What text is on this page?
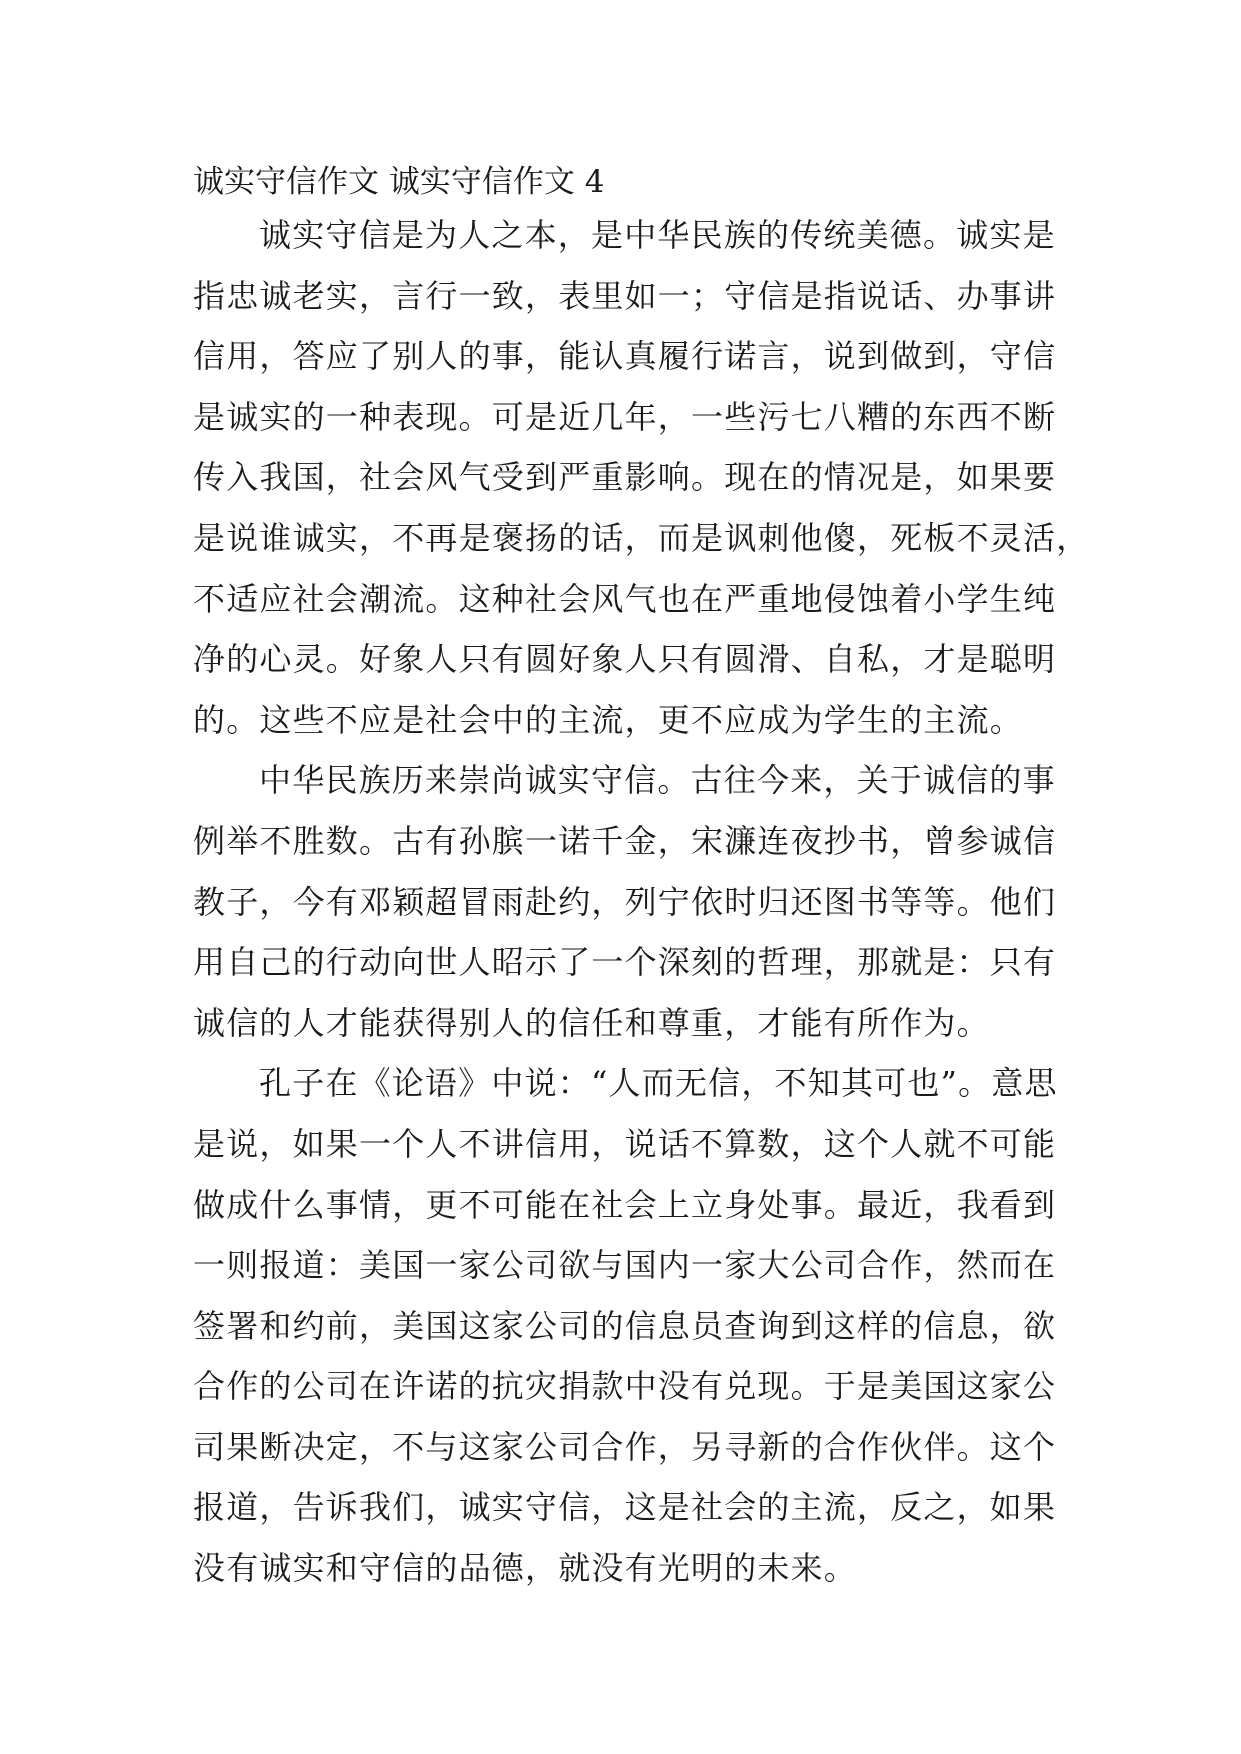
诚实守信作文 诚实守信作文 4
诚实守信是为人之本，是中华民族的传统美德。诚实是
指忠诚老实，言行一致，表里如一；守信是指说话、办事讲
信用，答应了别人的事，能认真履行诺言，说到做到，守信
是诚实的一种表现。可是近几年，一些污七八糟的东西不断
传入我国，社会风气受到严重影响。现在的情况是，如果要
是说谁诚实，不再是褒扬的话，而是讽刺他傻，死板不灵活，
不适应社会潮流。这种社会风气也在严重地侵蚀着小学生纯
净的心灵。好象人只有圆好象人只有圆滑、自私，才是聪明
的。这些不应是社会中的主流，更不应成为学生的主流。
中华民族历来崇尚诚实守信。古往今来，关于诚信的事
例举不胜数。古有孙膑一诺千金，宋濂连夜抄书，曾参诚信
教子，今有邓颖超冒雨赴约，列宁依时归还图书等等。他们
用自己的行动向世人昭示了一个深刻的哲理，那就是：只有
诚信的人才能获得别人的信任和尊重，才能有所作为。
孔子在《论语》中说：“人而无信，不知其可也”。意思
是说，如果一个人不讲信用，说话不算数，这个人就不可能
做成什么事情，更不可能在社会上立身处事。最近，我看到
一则报道：美国一家公司欲与国内一家大公司合作，然而在
签署和约前，美国这家公司的信息员查询到这样的信息，欲
合作的公司在许诺的抗灾捐款中没有兑现。于是美国这家公
司果断决定，不与这家公司合作，另寻新的合作伙伴。这个
报道，告诉我们，诚实守信，这是社会的主流，反之，如果
没有诚实和守信的品德，就没有光明的未来。
